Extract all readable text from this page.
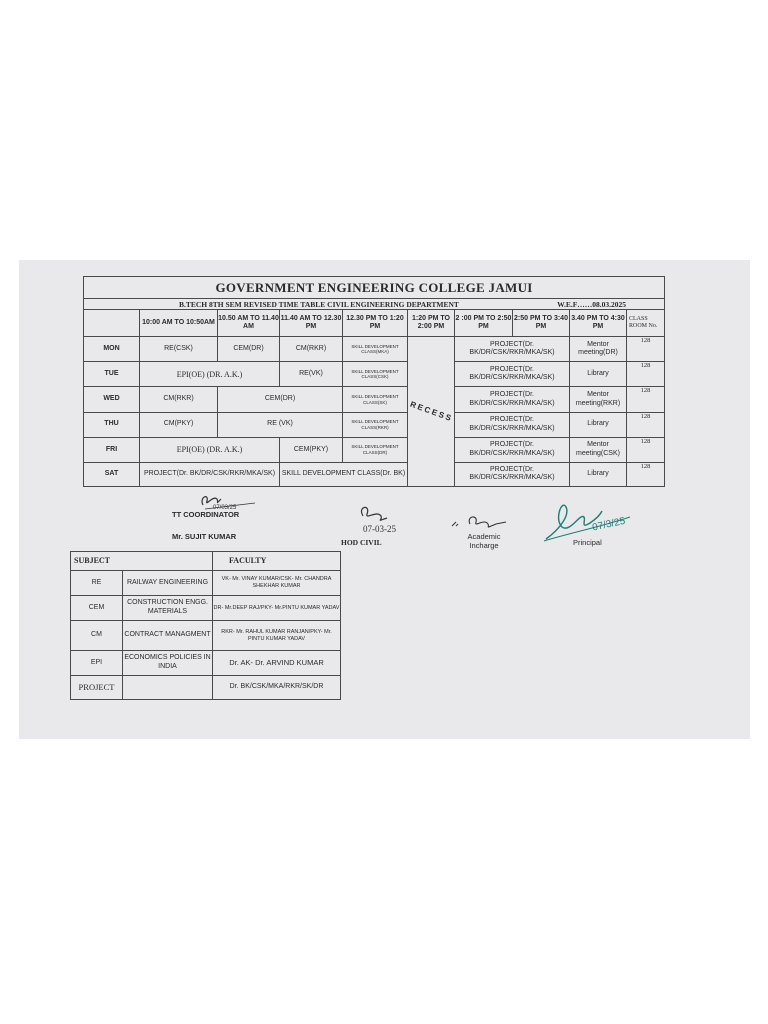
GOVERNMENT ENGINEERING COLLEGE JAMUI									
B.TECH 8TH SEM REVISED TIME TABLE CIVIL ENGINEERING DEPARTMENT W.E.F……08.03.2025									

	10:00 AM TO 10:50AM	10.50 AM TO 11.40 AM	11.40 AM TO 12.30 PM	12.30 PM TO 1:20 PM	1:20 PM TO 2:00 PM	2 :00 PM TO 2:50 PM	2:50 PM TO 3:40 PM	3.40 PM TO 4:30 PM	CLASS ROOM No.
MON	RE(CSK)	CEM(DR)	CM(RKR)	SKILL DEVELOPMENT CLASS(MKA)	RECESS	PROJECT(Dr. BK/DR/CSK/RKR/MKA/SK)		Mentor meeting(DR)	128
TUE	EPI(OE) (DR. A.K.)		RE(VK)	SKILL DEVELOPMENT CLASS(CSK)		PROJECT(Dr. BK/DR/CSK/RKR/MKA/SK)		Library	128
WED	CM(RKR)	CEM(DR)		SKILL DEVELOPMENT CLASS(SK)		PROJECT(Dr. BK/DR/CSK/RKR/MKA/SK)		Mentor meeting(RKR)	128
THU	CM(PKY)	RE (VK)		SKILL DEVELOPMENT CLASS(RKR)		PROJECT(Dr. BK/DR/CSK/RKR/MKA/SK)		Library	128
FRI	EPI(OE) (DR. A.K.)		CEM(PKY)	SKILL DEVELOPMENT CLASS(DR)		PROJECT(Dr. BK/DR/CSK/RKR/MKA/SK)		Mentor meeting(CSK)	128
SAT	PROJECT(Dr. BK/DR/CSK/RKR/MKA/SK)		SKILL DEVELOPMENT CLASS(Dr. BK)			PROJECT(Dr. BK/DR/CSK/RKR/MKA/SK)		Library	128
07/03/25
TT COORDINATOR
Mr. SUJIT KUMAR
07-03-25
HOD CIVIL
Academic Incharge
07/3/25
Principal
SUBJECT		FACULTY
RE	RAILWAY ENGINEERING	VK- Mr. VINAY KUMAR/CSK- Mr. CHANDRA SHEKHAR KUMAR
CEM	CONSTRUCTION ENGG. MATERIALS	DR- Mr.DEEP RAJ/PKY- Mr.PINTU KUMAR YADAV
CM	CONTRACT MANAGMENT	RKR- Mr. RAHUL KUMAR RANJAN/PKY- Mr. PINTU KUMAR YADAV
EPI	ECONOMICS POLICIES IN INDIA	Dr. AK- Dr. ARVIND KUMAR
PROJECT		Dr. BK/CSK/MKA/RKR/SK/DR
